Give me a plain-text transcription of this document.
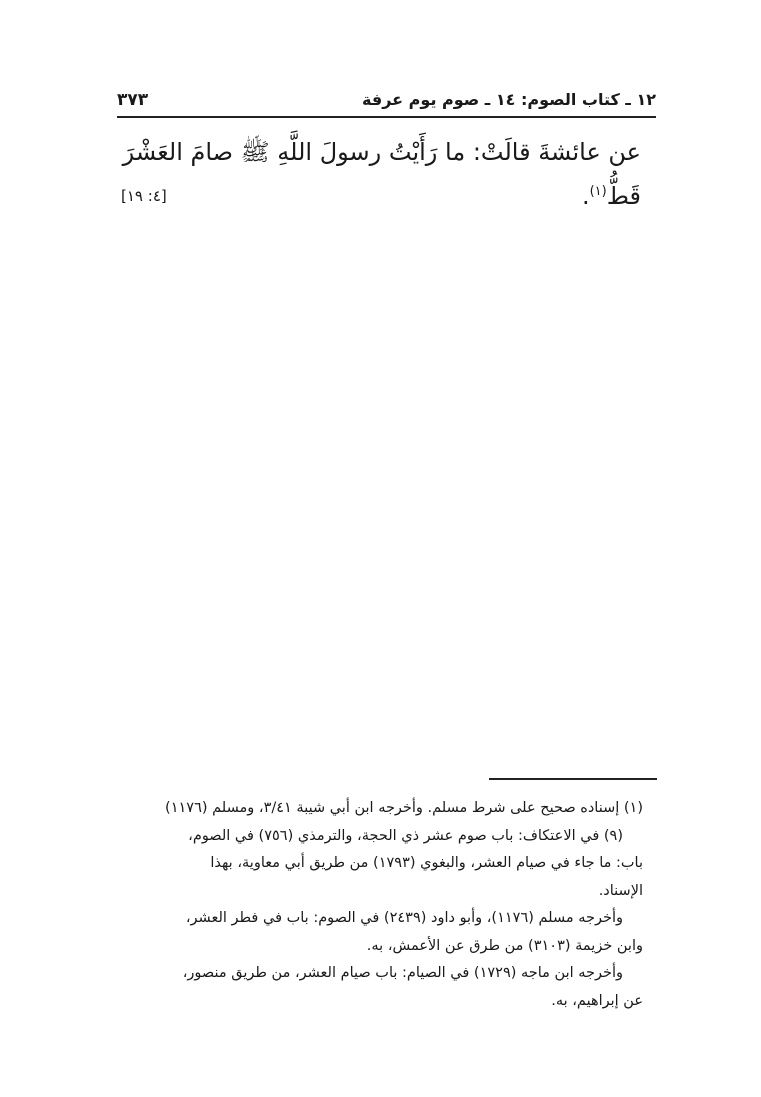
١٢ ـ كتاب الصوم: ١٤ ـ صوم يوم عرفة
٣٧٣
عن عائشةَ قالَتْ: ما رَأَيْتُ رسولَ اللَّهِ ﷺ صامَ العَشْرَ
قَطُّ$^{(١)}$.
[٤: ١٩]
(١) إسناده صحيح على شرط مسلم. وأخرجه ابن أبي شيبة ٣/٤١، ومسلم (١١٧٦)
(٩) في الاعتكاف: باب صوم عشر ذي الحجة، والترمذي (٧٥٦) في الصوم،
باب: ما جاء في صيام العشر، والبغوي (١٧٩٣) من طريق أبي معاوية، بهذا
الإسناد.
وأخرجه مسلم (١١٧٦)، وأبو داود (٢٤٣٩) في الصوم: باب في فطر العشر،
وابن خزيمة (٣١٠٣) من طرق عن الأعمش، به.
وأخرجه ابن ماجه (١٧٢٩) في الصيام: باب صيام العشر، من طريق منصور،
عن إبراهيم، به.
